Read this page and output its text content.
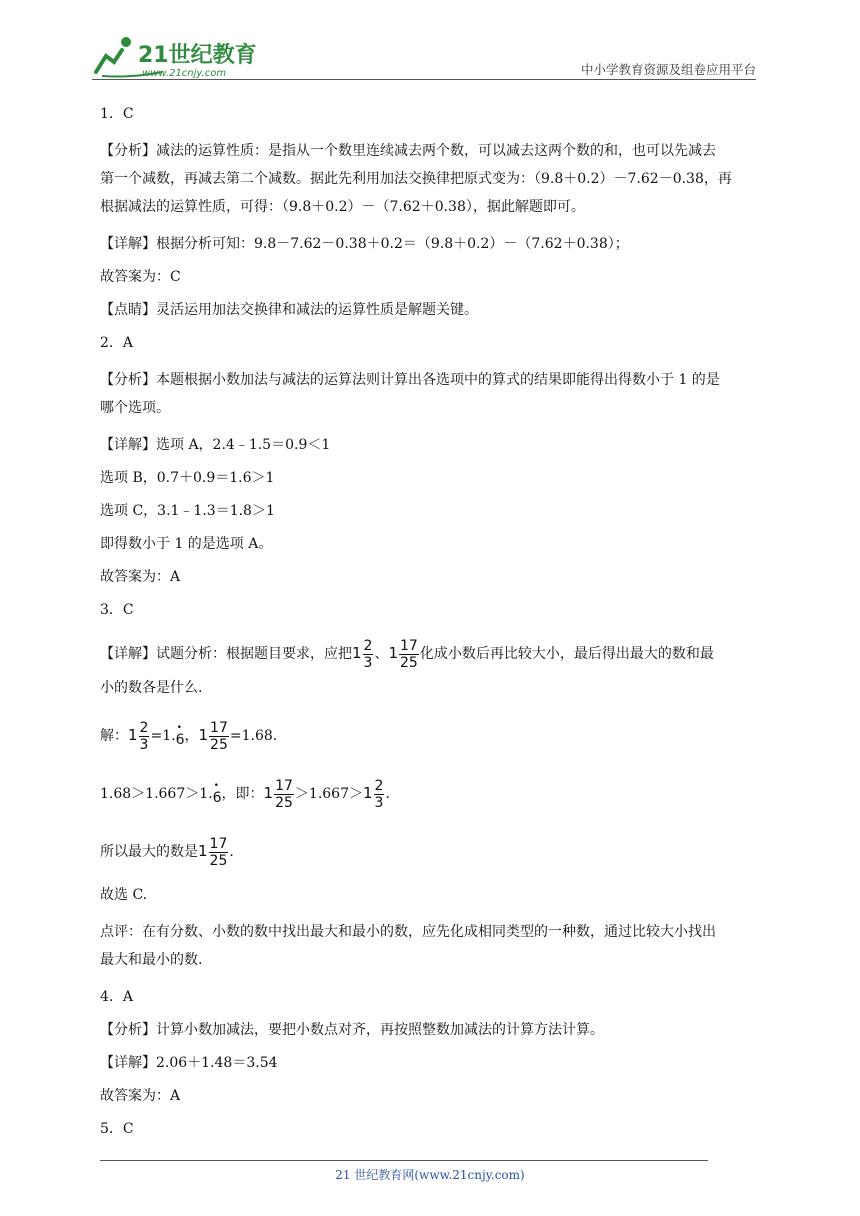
21世纪教育
www.21cnjy.com	中小学教育资源及组卷应用平台

1．C

【分析】减法的运算性质：是指从一个数里连续减去两个数，可以减去这两个数的和，也可以先减去
第一个减数，再减去第二个减数。据此先利用加法交换律把原式变为：（9.8＋0.2）－7.62－0.38，再
根据减法的运算性质，可得：（9.8＋0.2）－（7.62＋0.38），据此解题即可。

【详解】根据分析可知：9.8－7.62－0.38＋0.2＝（9.8＋0.2）－（7.62＋0.38）；

故答案为：C

【点睛】灵活运用加法交换律和减法的运算性质是解题关键。

2．A

【分析】本题根据小数加法与减法的运算法则计算出各选项中的算式的结果即能得出得数小于 1 的是
哪个选项。

【详解】选项 A，2.4﹣1.5＝0.9＜1

选项 B，0.7＋0.9＝1.6＞1

选项 C，3.1﹣1.3＝1.8＞1

即得数小于 1 的是选项 A。

故答案为：A

3．C

【详解】试题分析：根据题目要求，应把$1 \frac{2}{3}$ 、$1 \frac{17}{25}$ 化成小数后再比较大小，最后得出最大的数和最
小的数各是什么.
解：$1 \frac{2}{3}$ =1.• 6，$1 \frac{17}{25} =1.68$.
1.68＞1.667＞1.• 6，即：$1 \frac{17}{25} >1.667>1 \frac{2}{3}$ .
所以最大的数是$1 \frac{17}{25}$ .

故选 C.

点评：在有分数、小数的数中找出最大和最小的数，应先化成相同类型的一种数，通过比较大小找出
最大和最小的数.

4．A

【分析】计算小数加减法，要把小数点对齐，再按照整数加减法的计算方法计算。

【详解】2.06＋1.48＝3.54

故答案为：A

5．C

21 世纪教育网(www.21cnjy.com)
